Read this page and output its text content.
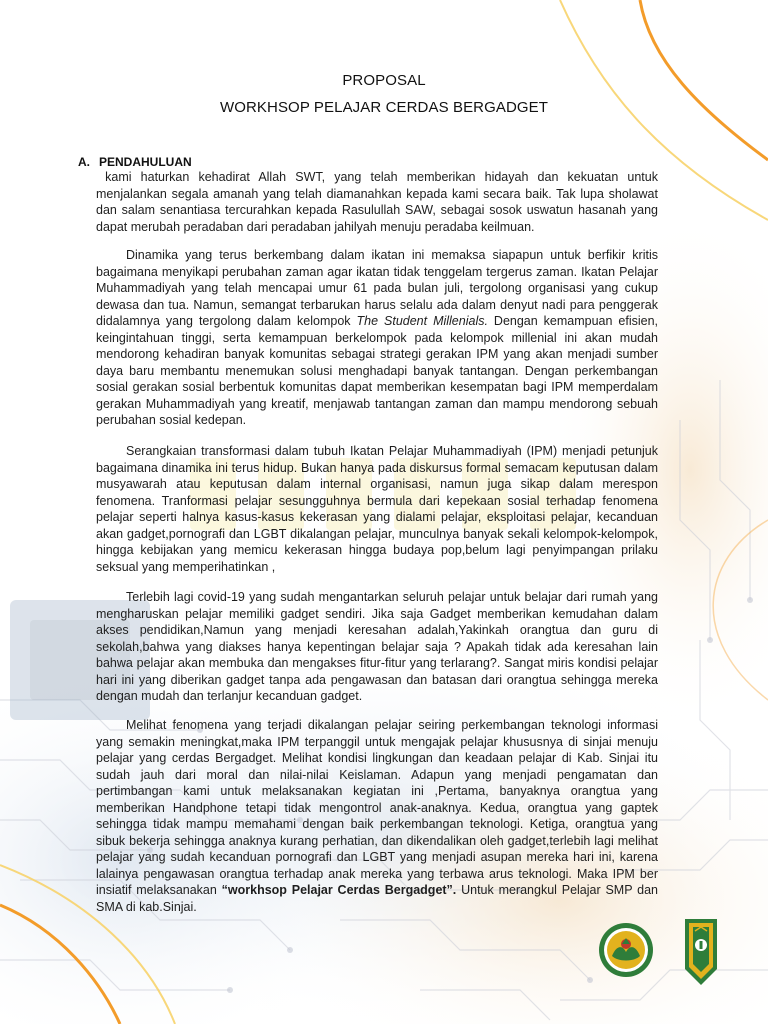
PROPOSAL
WORKHSOP PELAJAR CERDAS BERGADGET
A. PENDAHULUAN
kami haturkan kehadirat Allah SWT, yang telah memberikan hidayah dan kekuatan untuk menjalankan segala amanah yang telah diamanahkan kepada kami secara baik. Tak lupa sholawat dan salam senantiasa tercurahkan kepada Rasulullah SAW, sebagai sosok uswatun hasanah yang dapat merubah peradaban dari peradaban jahilyah menuju peradaba keilmuan.
Dinamika yang terus berkembang dalam ikatan ini memaksa siapapun untuk berfikir kritis bagaimana menyikapi perubahan zaman agar ikatan tidak tenggelam tergerus zaman. Ikatan Pelajar Muhammadiyah yang telah mencapai umur 61 pada bulan juli, tergolong organisasi yang cukup dewasa dan tua. Namun, semangat terbarukan harus selalu ada dalam denyut nadi para penggerak didalamnya yang tergolong dalam kelompok The Student Millenials. Dengan kemampuan efisien, keingintahuan tinggi, serta kemampuan berkelompok pada kelompok millenial ini akan mudah mendorong kehadiran banyak komunitas sebagai strategi gerakan IPM yang akan menjadi sumber daya baru membantu menemukan solusi menghadapi banyak tantangan. Dengan perkembangan sosial gerakan sosial berbentuk komunitas dapat memberikan kesempatan bagi IPM memperdalam gerakan Muhammadiyah yang kreatif, menjawab tantangan zaman dan mampu mendorong sebuah perubahan sosial kedepan.
Serangkaian transformasi dalam tubuh Ikatan Pelajar Muhammadiyah (IPM) menjadi petunjuk bagaimana dinamika ini terus hidup. Bukan hanya pada diskursus formal semacam keputusan dalam musyawarah atau keputusan dalam internal organisasi, namun juga sikap dalam merespon fenomena. Tranformasi pelajar sesungguhnya bermula dari kepekaan sosial terhadap fenomena pelajar seperti halnya kasus-kasus kekerasan yang dialami pelajar, eksploitasi pelajar, kecanduan akan gadget,pornografi dan LGBT dikalangan pelajar, munculnya banyak sekali kelompok-kelompok, hingga kebijakan yang memicu kekerasan hingga budaya pop,belum lagi penyimpangan prilaku seksual yang memperihatinkan ,
Terlebih lagi covid-19 yang sudah mengantarkan seluruh pelajar untuk belajar dari rumah yang mengharuskan pelajar memiliki gadget sendiri. Jika saja Gadget memberikan kemudahan dalam akses pendidikan,Namun yang menjadi keresahan adalah,Yakinkah orangtua dan guru di sekolah,bahwa yang diakses hanya kepentingan belajar saja ? Apakah tidak ada keresahan lain bahwa pelajar akan membuka dan mengakses fitur-fitur yang terlarang?. Sangat miris kondisi pelajar hari ini yang diberikan gadget tanpa ada pengawasan dan batasan dari orangtua sehingga mereka dengan mudah dan terlanjur kecanduan gadget.
Melihat fenomena yang terjadi dikalangan pelajar seiring perkembangan teknologi informasi yang semakin meningkat,maka IPM terpanggil untuk mengajak pelajar khususnya di sinjai menuju pelajar yang cerdas Bergadget. Melihat kondisi lingkungan dan keadaan pelajar di Kab. Sinjai itu sudah jauh dari moral dan nilai-nilai Keislaman. Adapun yang menjadi pengamatan dan pertimbangan kami untuk melaksanakan kegiatan ini ,Pertama, banyaknya orangtua yang memberikan Handphone tetapi tidak mengontrol anak-anaknya. Kedua, orangtua yang gaptek sehingga tidak mampu memahami dengan baik perkembangan teknologi. Ketiga, orangtua yang sibuk bekerja sehingga anaknya kurang perhatian, dan dikendalikan oleh gadget,terlebih lagi melihat pelajar yang sudah kecanduan pornografi dan LGBT yang menjadi asupan mereka hari ini, karena lalainya pengawasan orangtua terhadap anak mereka yang terbawa arus teknologi. Maka IPM ber insiatif melaksanakan “workhsop Pelajar Cerdas Bergadget”. Untuk merangkul Pelajar SMP dan SMA di kab.Sinjai.
